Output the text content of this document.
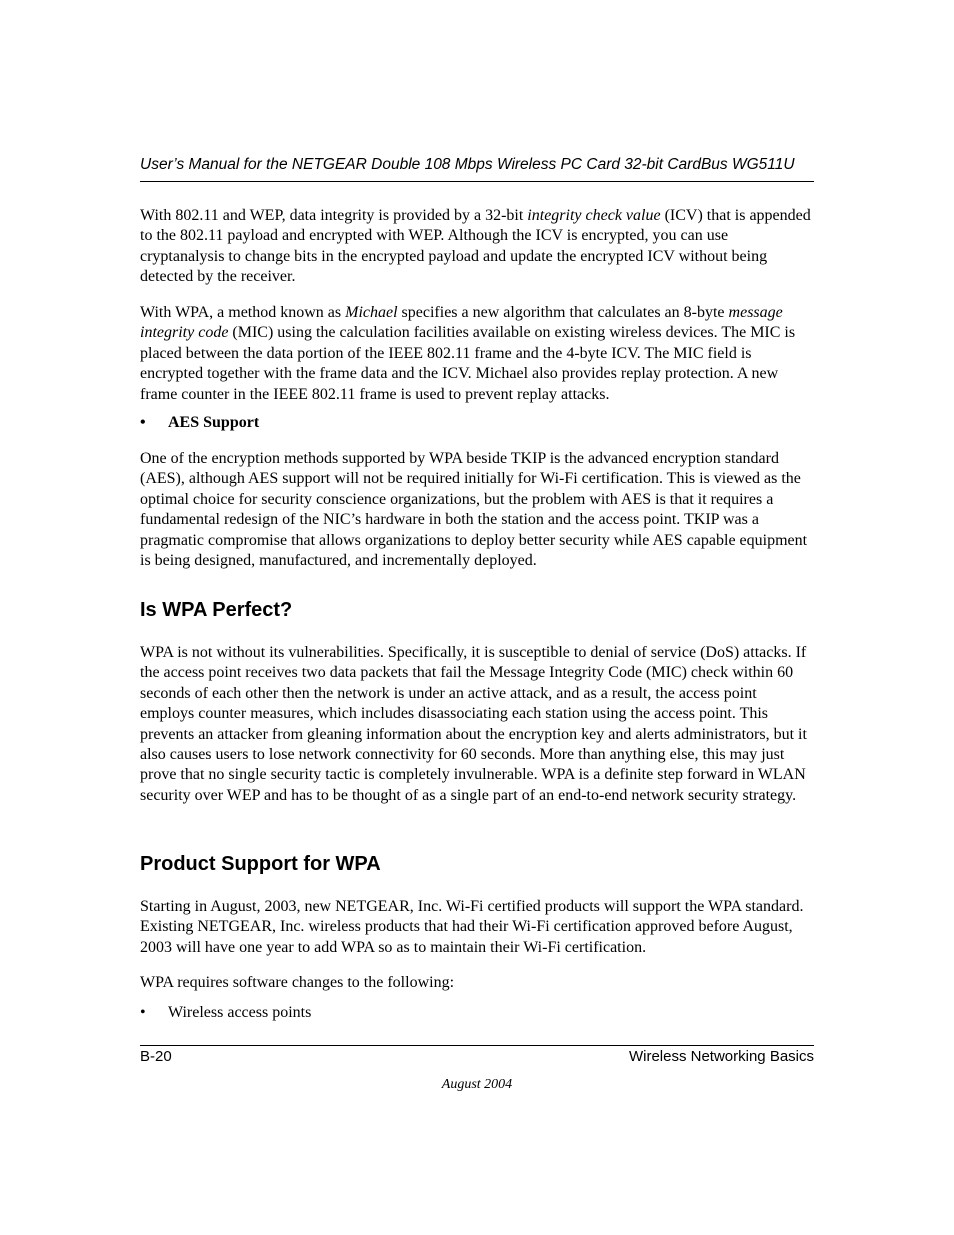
User’s Manual for the NETGEAR Double 108 Mbps Wireless PC Card 32-bit CardBus WG511U

With 802.11 and WEP, data integrity is provided by a 32-bit integrity check value (ICV) that is appended to the 802.11 payload and encrypted with WEP. Although the ICV is encrypted, you can use cryptanalysis to change bits in the encrypted payload and update the encrypted ICV without being detected by the receiver.

With WPA, a method known as Michael specifies a new algorithm that calculates an 8-byte message integrity code (MIC) using the calculation facilities available on existing wireless devices. The MIC is placed between the data portion of the IEEE 802.11 frame and the 4-byte ICV. The MIC field is encrypted together with the frame data and the ICV. Michael also provides replay protection. A new frame counter in the IEEE 802.11 frame is used to prevent replay attacks.

• AES Support

One of the encryption methods supported by WPA beside TKIP is the advanced encryption standard (AES), although AES support will not be required initially for Wi-Fi certification. This is viewed as the optimal choice for security conscience organizations, but the problem with AES is that it requires a fundamental redesign of the NIC’s hardware in both the station and the access point. TKIP was a pragmatic compromise that allows organizations to deploy better security while AES capable equipment is being designed, manufactured, and incrementally deployed.

Is WPA Perfect?

WPA is not without its vulnerabilities. Specifically, it is susceptible to denial of service (DoS) attacks. If the access point receives two data packets that fail the Message Integrity Code (MIC) check within 60 seconds of each other then the network is under an active attack, and as a result, the access point employs counter measures, which includes disassociating each station using the access point. This prevents an attacker from gleaning information about the encryption key and alerts administrators, but it also causes users to lose network connectivity for 60 seconds. More than anything else, this may just prove that no single security tactic is completely invulnerable. WPA is a definite step forward in WLAN security over WEP and has to be thought of as a single part of an end-to-end network security strategy.

Product Support for WPA

Starting in August, 2003, new NETGEAR, Inc. Wi-Fi certified products will support the WPA standard. Existing NETGEAR, Inc. wireless products that had their Wi-Fi certification approved before August, 2003 will have one year to add WPA so as to maintain their Wi-Fi certification.

WPA requires software changes to the following:

• Wireless access points
B-20	Wireless Networking Basics
August 2004
